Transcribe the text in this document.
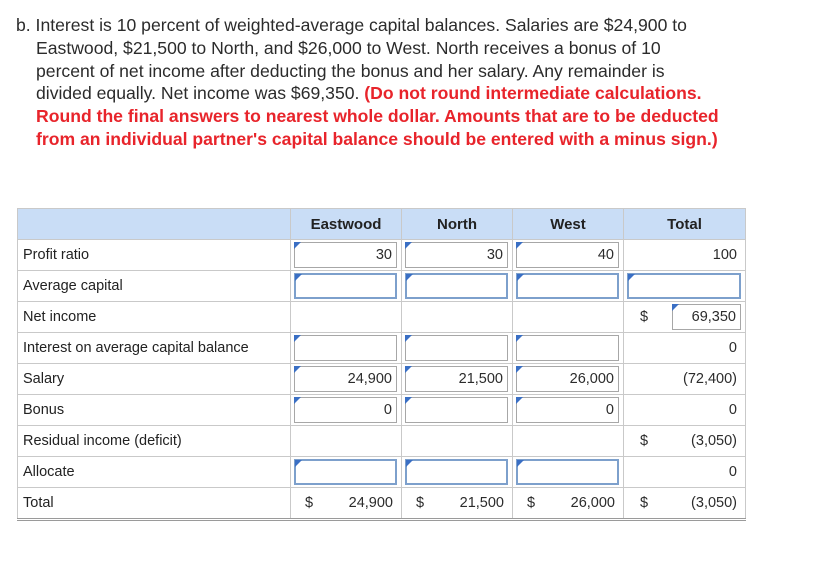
b. Interest is 10 percent of weighted-average capital balances. Salaries are $24,900 to
Eastwood, $21,500 to North, and $26,000 to West. North receives a bonus of 10
percent of net income after deducting the bonus and her salary. Any remainder is
divided equally. Net income was $69,350. (Do not round intermediate calculations.
Round the final answers to nearest whole dollar. Amounts that are to be deducted
from an individual partner's capital balance should be entered with a minus sign.)
	Eastwood	North	West	Total
Profit ratio	30	30	40	100

Average capital	

Net income				$ 69,350

Interest on average capital balance				0

Salary	24,900	21,500	26,000	(72,400)

Bonus	0		0	0

Residual income (deficit)				$ (3,050)

Allocate				0

Total	$ 24,900	$ 21,500	$ 26,000	$ (3,050)
